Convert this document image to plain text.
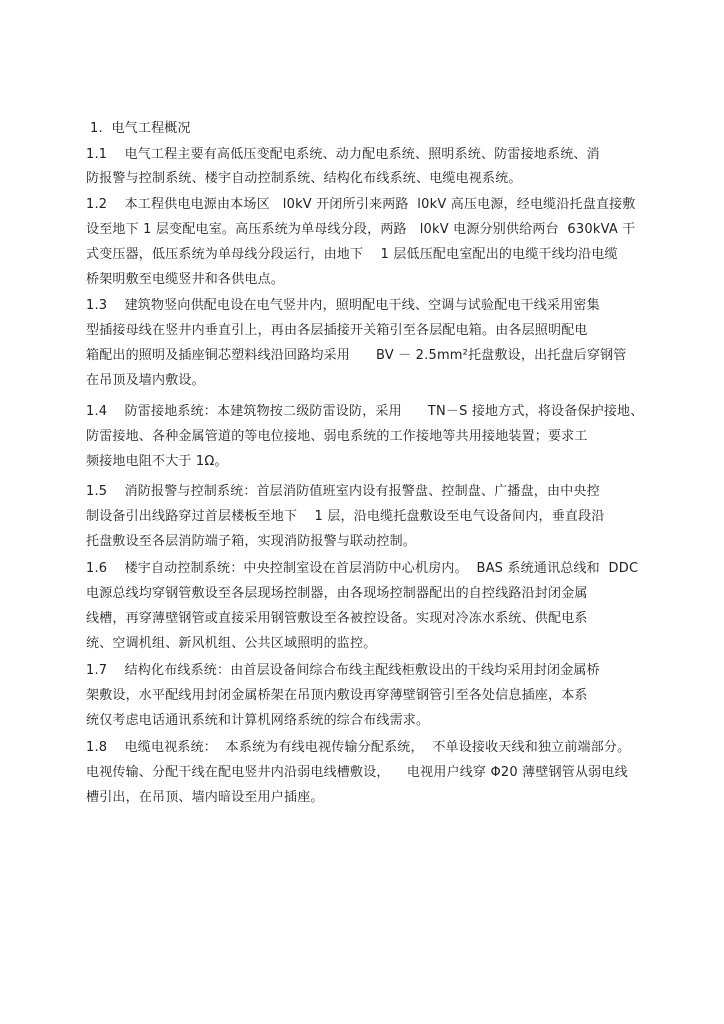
1.  电气工程概况
1.1    电气工程主要有高低压变配电系统、动力配电系统、照明系统、防雷接地系统、消
防报警与控制系统、楼宇自动控制系统、结构化布线系统、电缆电视系统。
1.2    本工程供电电源由本场区   l0kV 开闭所引来两路  l0kV 高压电源，经电缆沿托盘直接敷
设至地下 1 层变配电室。高压系统为单母线分段，两路   l0kV 电源分别供给两台  630kVA 干
式变压器，低压系统为单母线分段运行，由地下    1 层低压配电室配出的电缆干线均沿电缆
桥架明敷至电缆竖井和各供电点。
1.3    建筑物竖向供配电设在电气竖井内，照明配电干线、空调与试验配电干线采用密集
型插接母线在竖井内垂直引上，再由各层插接开关箱引至各层配电箱。由各层照明配电
箱配出的照明及插座铜芯塑料线沿回路均采用      BV － 2.5mm²托盘敷设，出托盘后穿钢管
在吊顶及墙内敷设。
1.4    防雷接地系统：本建筑物按二级防雷设防，采用      TN－S 接地方式，将设备保护接地、
防雷接地、各种金属管道的等电位接地、弱电系统的工作接地等共用接地装置；要求工
频接地电阻不大于 1Ω。
1.5    消防报警与控制系统：首层消防值班室内设有报警盘、控制盘、广播盘，由中央控
制设备引出线路穿过首层楼板至地下    1 层，沿电缆托盘敷设至电气设备间内，垂直段沿
托盘敷设至各层消防端子箱，实现消防报警与联动控制。
1.6    楼宇自动控制系统：中央控制室设在首层消防中心机房内。  BAS 系统通讯总线和  DDC
电源总线均穿钢管敷设至各层现场控制器，由各现场控制器配出的自控线路沿封闭金属
线槽，再穿薄壁钢管或直接采用钢管敷设至各被控设备。实现对冷冻水系统、供配电系
统、空调机组、新风机组、公共区域照明的监控。
1.7    结构化布线系统：由首层设备间综合布线主配线柜敷设出的干线均采用封闭金属桥
架敷设，水平配线用封闭金属桥架在吊顶内敷设再穿薄壁钢管引至各处信息插座，本系
统仅考虑电话通讯系统和计算机网络系统的综合布线需求。
1.8    电缆电视系统：  本系统为有线电视传输分配系统，  不单设接收天线和独立前端部分。
电视传输、分配干线在配电竖井内沿弱电线槽敷设，    电视用户线穿 Φ20 薄壁钢管从弱电线
槽引出，在吊顶、墙内暗设至用户插座。
